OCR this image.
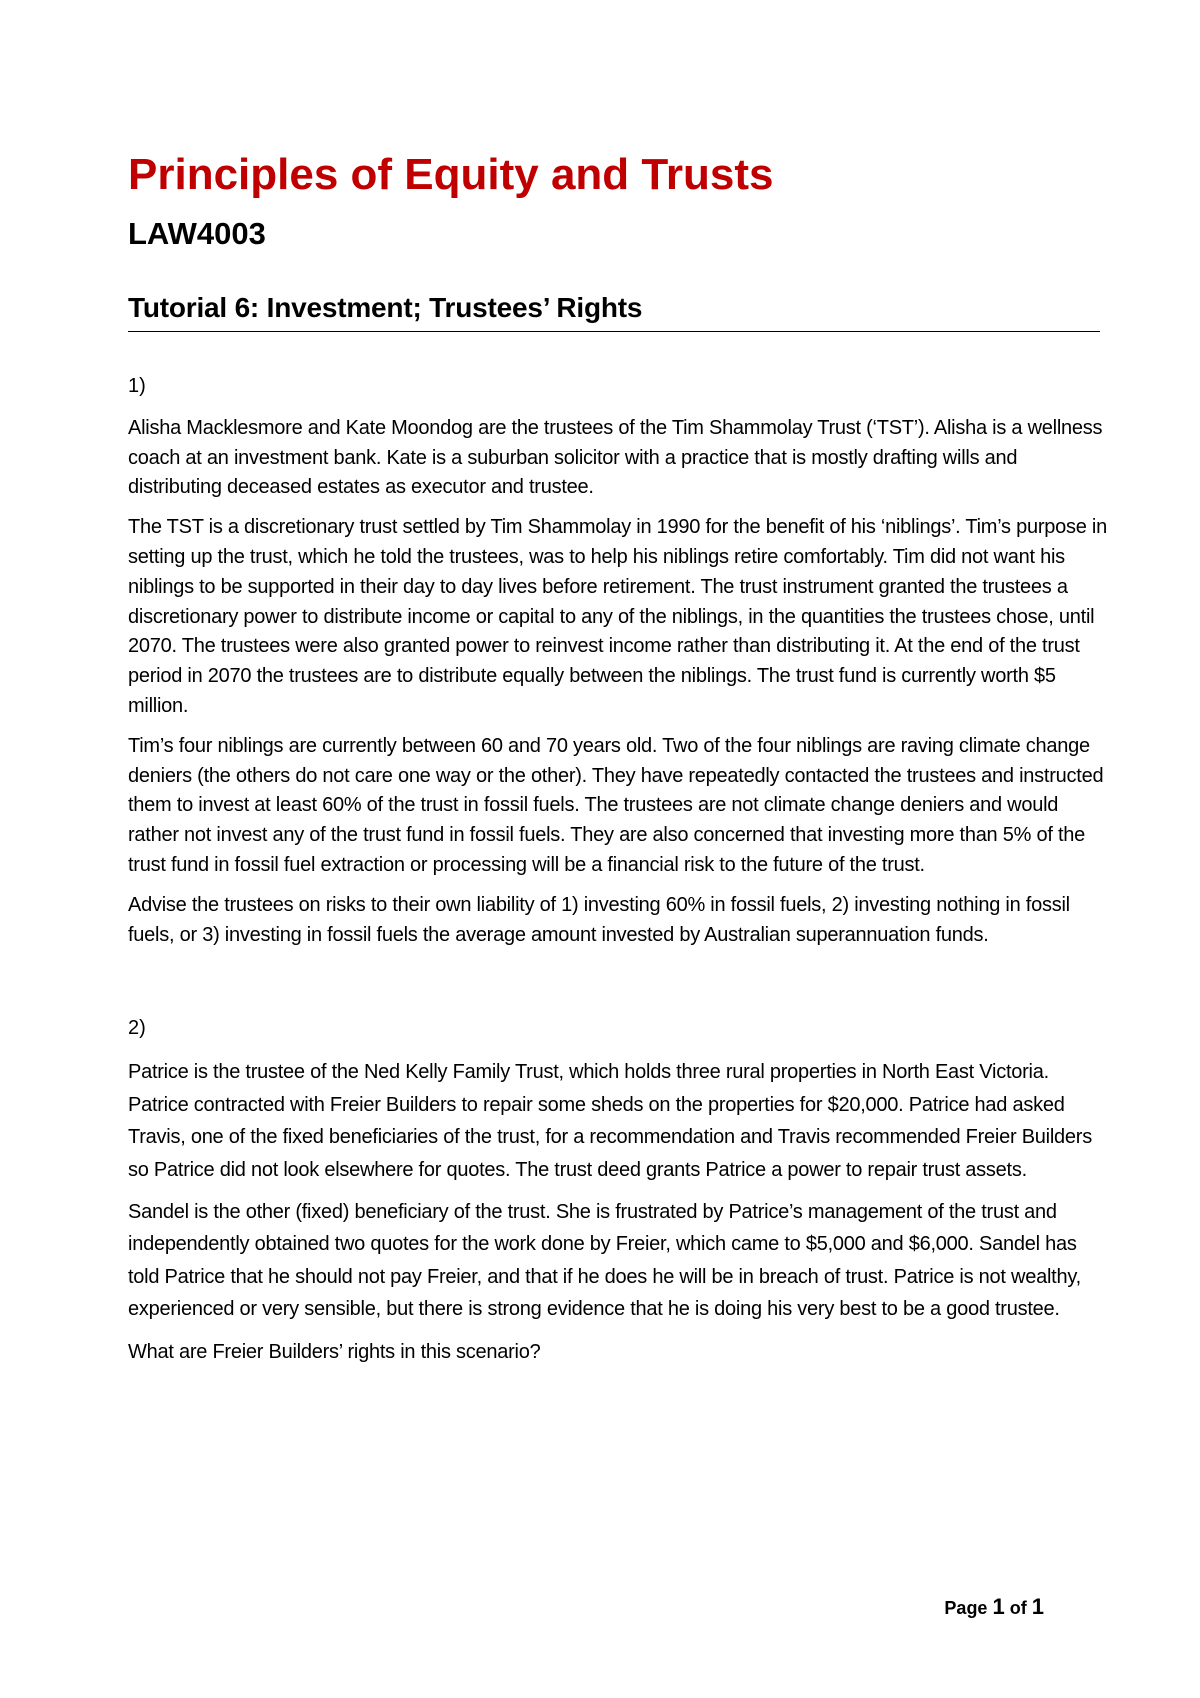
Principles of Equity and Trusts
LAW4003
Tutorial 6: Investment; Trustees’ Rights

1)

Alisha Macklesmore and Kate Moondog are the trustees of the Tim Shammolay Trust (‘TST’). Alisha is a wellness coach at an investment bank. Kate is a suburban solicitor with a practice that is mostly drafting wills and distributing deceased estates as executor and trustee.

The TST is a discretionary trust settled by Tim Shammolay in 1990 for the benefit of his ‘niblings’. Tim’s purpose in setting up the trust, which he told the trustees, was to help his niblings retire comfortably. Tim did not want his niblings to be supported in their day to day lives before retirement. The trust instrument granted the trustees a discretionary power to distribute income or capital to any of the niblings, in the quantities the trustees chose, until 2070. The trustees were also granted power to reinvest income rather than distributing it. At the end of the trust period in 2070 the trustees are to distribute equally between the niblings. The trust fund is currently worth $5 million.

Tim’s four niblings are currently between 60 and 70 years old. Two of the four niblings are raving climate change deniers (the others do not care one way or the other). They have repeatedly contacted the trustees and instructed them to invest at least 60% of the trust in fossil fuels. The trustees are not climate change deniers and would rather not invest any of the trust fund in fossil fuels. They are also concerned that investing more than 5% of the trust fund in fossil fuel extraction or processing will be a financial risk to the future of the trust.

Advise the trustees on risks to their own liability of 1) investing 60% in fossil fuels, 2) investing nothing in fossil fuels, or 3) investing in fossil fuels the average amount invested by Australian superannuation funds.

2)

Patrice is the trustee of the Ned Kelly Family Trust, which holds three rural properties in North East Victoria. Patrice contracted with Freier Builders to repair some sheds on the properties for $20,000. Patrice had asked Travis, one of the fixed beneficiaries of the trust, for a recommendation and Travis recommended Freier Builders so Patrice did not look elsewhere for quotes. The trust deed grants Patrice a power to repair trust assets.

Sandel is the other (fixed) beneficiary of the trust. She is frustrated by Patrice’s management of the trust and independently obtained two quotes for the work done by Freier, which came to $5,000 and $6,000. Sandel has told Patrice that he should not pay Freier, and that if he does he will be in breach of trust. Patrice is not wealthy, experienced or very sensible, but there is strong evidence that he is doing his very best to be a good trustee.

What are Freier Builders’ rights in this scenario?

Page 1 of 1
